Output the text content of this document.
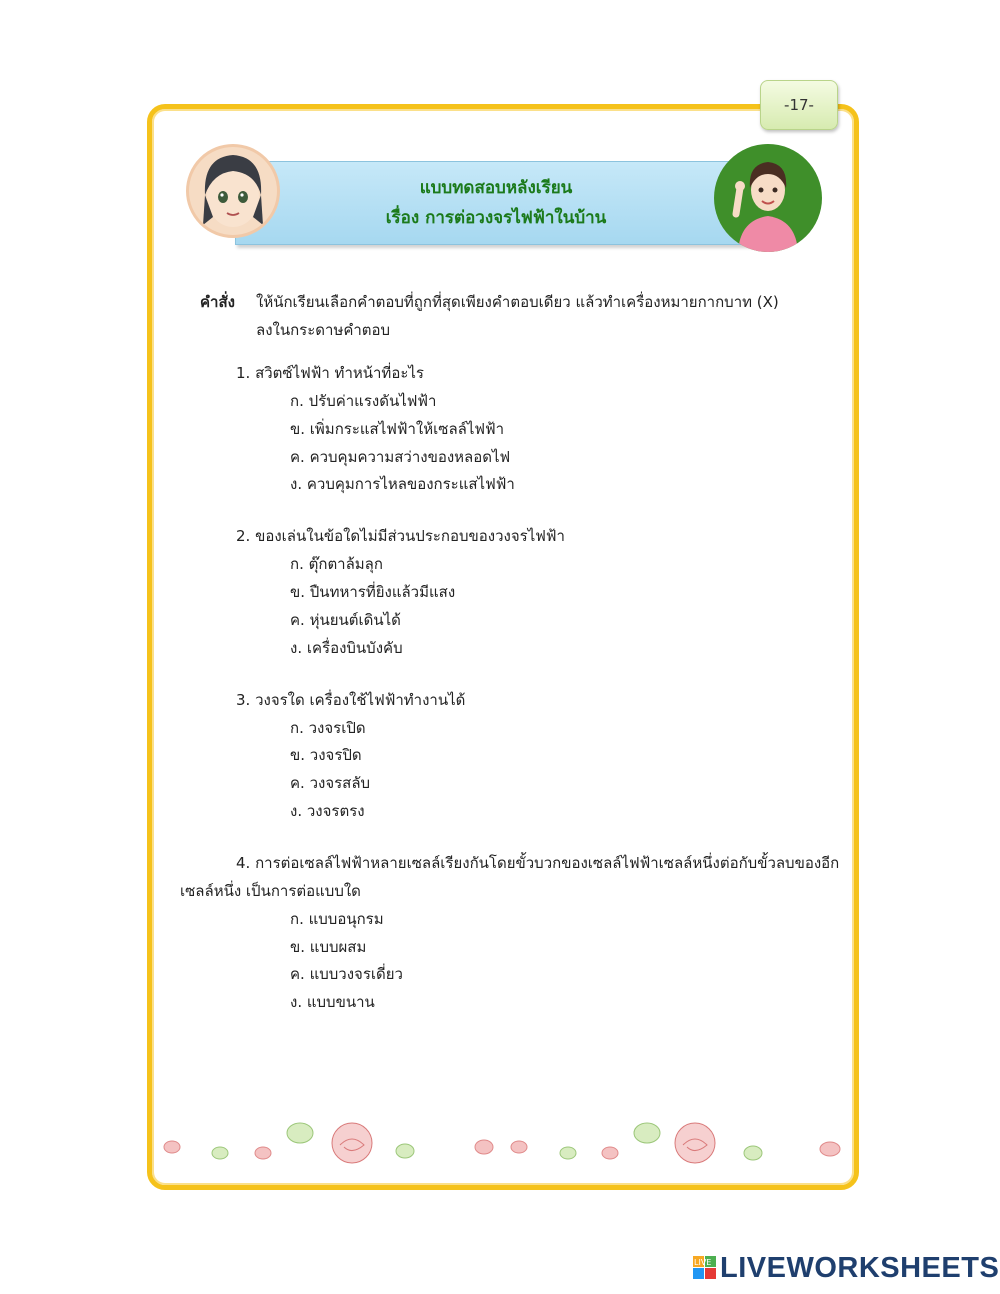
-17-
แบบทดสอบหลังเรียน
เรื่อง การต่อวงจรไฟฟ้าในบ้าน
คำสั่ง ให้นักเรียนเลือกคำตอบที่ถูกที่สุดเพียงคำตอบเดียว แล้วทำเครื่องหมายกากบาท (X)
ลงในกระดาษคำตอบ
1. สวิตซ์ไฟฟ้า ทำหน้าที่อะไร
ก. ปรับค่าแรงดันไฟฟ้า
ข. เพิ่มกระแสไฟฟ้าให้เซลล์ไฟฟ้า
ค. ควบคุมความสว่างของหลอดไฟ
ง. ควบคุมการไหลของกระแสไฟฟ้า
2. ของเล่นในข้อใดไม่มีส่วนประกอบของวงจรไฟฟ้า
ก. ตุ๊กตาล้มลุก
ข. ปืนทหารที่ยิงแล้วมีแสง
ค. หุ่นยนต์เดินได้
ง. เครื่องบินบังคับ
3. วงจรใด เครื่องใช้ไฟฟ้าทำงานได้
ก. วงจรเปิด
ข. วงจรปิด
ค. วงจรสลับ
ง. วงจรตรง
4. การต่อเซลล์ไฟฟ้าหลายเซลล์เรียงกันโดยขั้วบวกของเซลล์ไฟฟ้าเซลล์หนึ่งต่อกับขั้วลบของอีก
เซลล์หนึ่ง เป็นการต่อแบบใด
ก. แบบอนุกรม
ข. แบบผสม
ค. แบบวงจรเดี่ยว
ง. แบบขนาน
LIVE LIVEWORKSHEETS
